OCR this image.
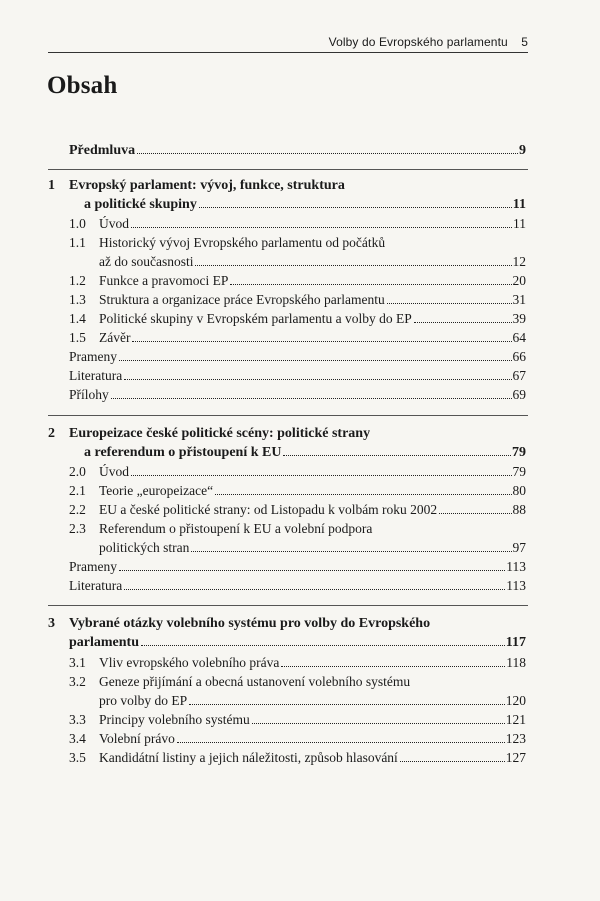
Volby do Evropského parlamentu 5
Obsah
Předmluva	9
1 Evropský parlament: vývoj, funkce, struktura
a politické skupiny	11
1.0 Úvod	11
1.1 Historický vývoj Evropského parlamentu od počátků
až do současnosti	12
1.2 Funkce a pravomoci EP	20
1.3 Struktura a organizace práce Evropského parlamentu	31
1.4 Politické skupiny v Evropském parlamentu a volby do EP	39
1.5 Závěr	64
Prameny	66
Literatura	67
Přílohy	69
2 Europeizace české politické scény: politické strany
a referendum o přistoupení k EU	79
2.0 Úvod	79
2.1 Teorie „europeizace“	80
2.2 EU a české politické strany: od Listopadu k volbám roku 2002	88
2.3 Referendum o přistoupení k EU a volební podpora
politických stran	97
Prameny	113
Literatura	113
3 Vybrané otázky volebního systému pro volby do Evropského
parlamentu	117
3.1 Vliv evropského volebního práva	118
3.2 Geneze přijímání a obecná ustanovení volebního systému
pro volby do EP	120
3.3 Principy volebního systému	121
3.4 Volební právo	123
3.5 Kandidátní listiny a jejich náležitosti, způsob hlasování	127
